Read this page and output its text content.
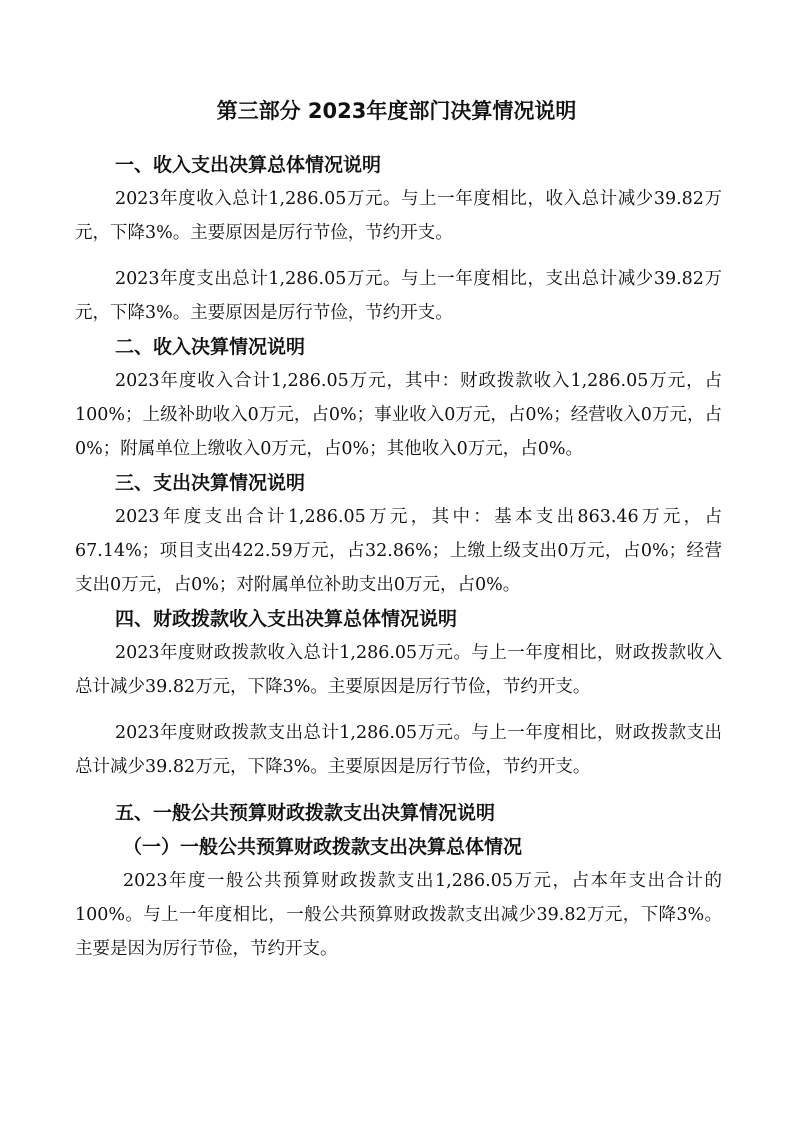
第三部分 2023年度部门决算情况说明
一、收入支出决算总体情况说明
2023年度收入总计1,286.05万元。与上一年度相比，收入总计减少39.82万元，下降3%。主要原因是厉行节俭，节约开支。
2023年度支出总计1,286.05万元。与上一年度相比，支出总计减少39.82万元，下降3%。主要原因是厉行节俭，节约开支。
二、收入决算情况说明
2023年度收入合计1,286.05万元，其中：财政拨款收入1,286.05万元，占100%；上级补助收入0万元，占0%；事业收入0万元，占0%；经营收入0万元，占0%；附属单位上缴收入0万元，占0%；其他收入0万元，占0%。
三、支出决算情况说明
2023年度支出合计1,286.05万元，其中：基本支出863.46万元，占67.14%；项目支出422.59万元，占32.86%；上缴上级支出0万元，占0%；经营支出0万元，占0%；对附属单位补助支出0万元，占0%。
四、财政拨款收入支出决算总体情况说明
2023年度财政拨款收入总计1,286.05万元。与上一年度相比，财政拨款收入总计减少39.82万元，下降3%。主要原因是厉行节俭，节约开支。
2023年度财政拨款支出总计1,286.05万元。与上一年度相比，财政拨款支出总计减少39.82万元，下降3%。主要原因是厉行节俭，节约开支。
五、一般公共预算财政拨款支出决算情况说明
（一）一般公共预算财政拨款支出决算总体情况
2023年度一般公共预算财政拨款支出1,286.05万元，占本年支出合计的100%。与上一年度相比，一般公共预算财政拨款支出减少39.82万元，下降3%。主要是因为厉行节俭，节约开支。
